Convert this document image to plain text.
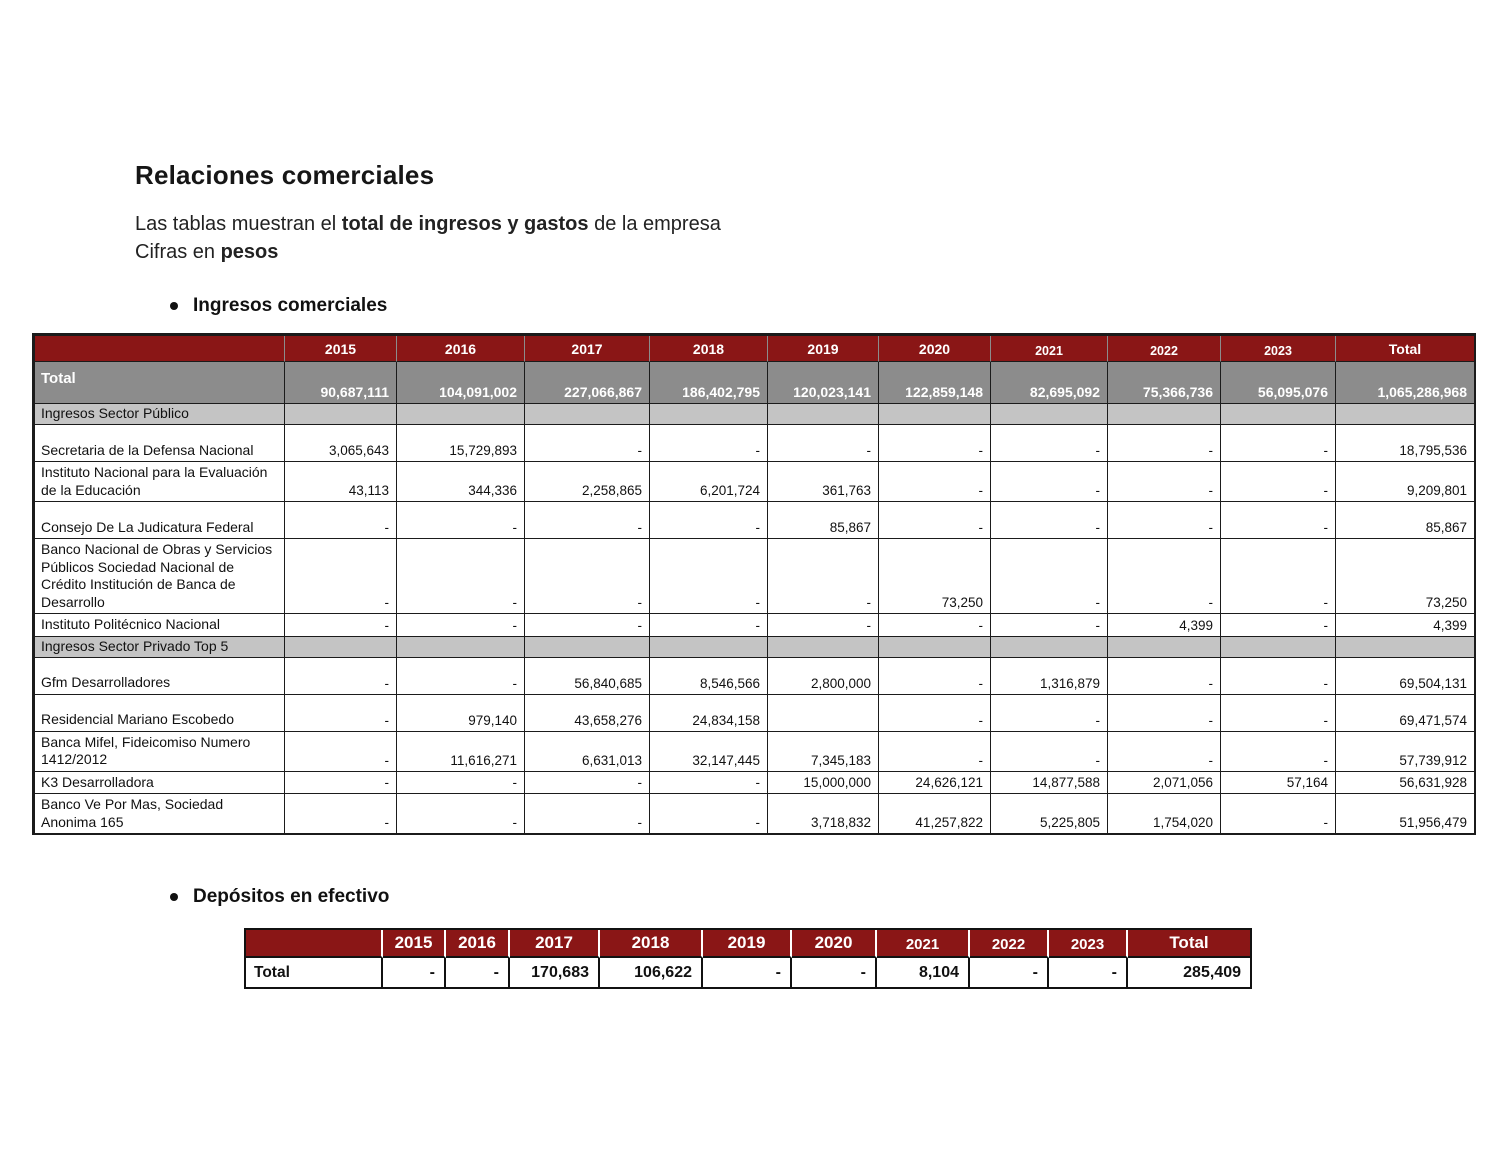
Relaciones comerciales

Las tablas muestran el total de ingresos y gastos de la empresa
Cifras en pesos

Ingresos comerciales
	2015	2016	2017	2018	2019	2020	2021	2022	2023	Total
Total	90,687,111	104,091,002	227,066,867	186,402,795	120,023,141	122,859,148	82,695,092	75,366,736	56,095,076	1,065,286,968
Ingresos Sector Público										
Secretaria de la Defensa Nacional	3,065,643	15,729,893	-	-	-	-	-	-	-	18,795,536
Instituto Nacional para la Evaluación de la Educación	43,113	344,336	2,258,865	6,201,724	361,763	-	-	-	-	9,209,801
Consejo De La Judicatura Federal	-	-	-	-	85,867	-	-	-	-	85,867
Banco Nacional de Obras y Servicios Públicos Sociedad Nacional de Crédito Institución de Banca de Desarrollo	-	-	-	-	-	73,250	-	-	-	73,250
Instituto Politécnico Nacional	-	-	-	-	-	-	-	4,399	-	4,399
Ingresos Sector Privado Top 5										
Gfm Desarrolladores	-	-	56,840,685	8,546,566	2,800,000	-	1,316,879	-	-	69,504,131
Residencial Mariano Escobedo	-	979,140	43,658,276	24,834,158		-	-	-	-	69,471,574
Banca Mifel, Fideicomiso Numero 1412/2012	-	11,616,271	6,631,013	32,147,445	7,345,183	-	-	-	-	57,739,912
K3 Desarrolladora	-	-	-	-	15,000,000	24,626,121	14,877,588	2,071,056	57,164	56,631,928
Banco Ve Por Mas, Sociedad Anonima 165	-	-	-	-	3,718,832	41,257,822	5,225,805	1,754,020	-	51,956,479
Depósitos en efectivo
	2015	2016	2017	2018	2019	2020	2021	2022	2023	Total
Total	-	-	170,683	106,622	-	-	8,104	-	-	285,409
